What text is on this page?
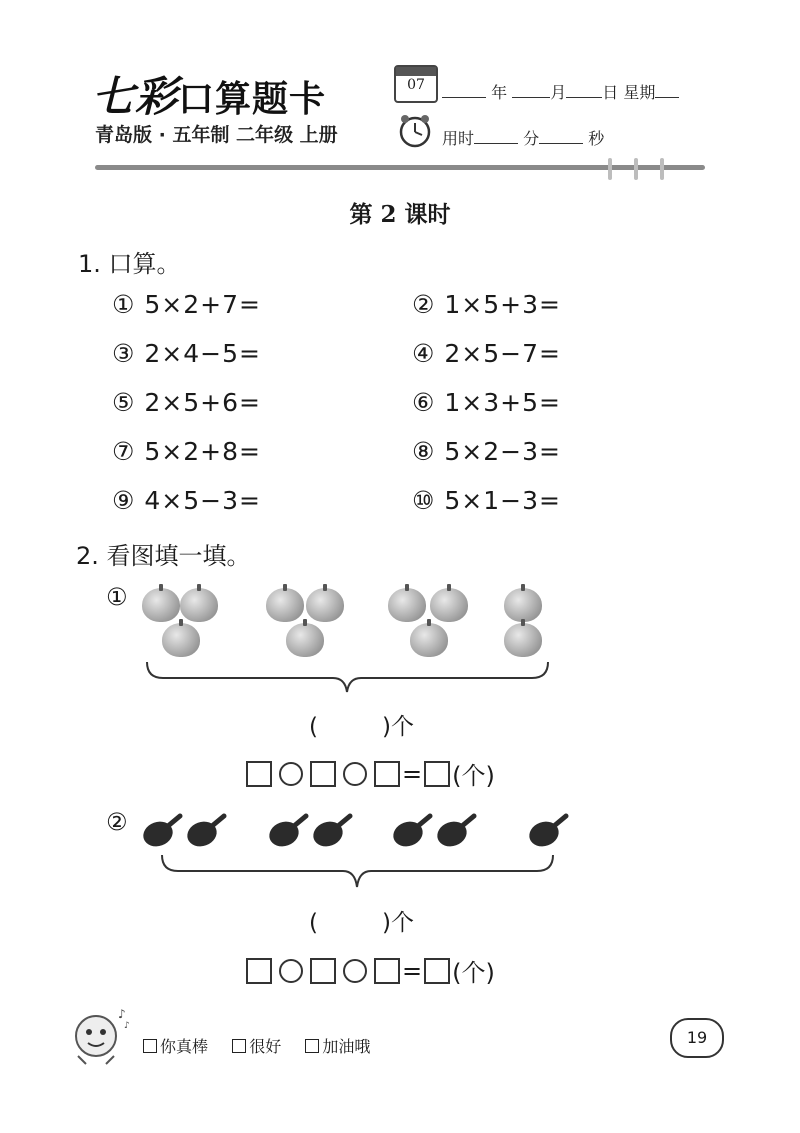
七彩口算题卡
青岛版 · 五年制 二年级 上册
07	年	月 日 星期
用时	分	秒
第 2 课时
1. 口算。
① 5×2+7=	② 1×5+3=
③ 2×4−5=	④ 2×5−7=
⑤ 2×5+6=	⑥ 1×3+5=
⑦ 5×2+8=	⑧ 5×2−3=
⑨ 4×5−3=	⑩ 5×1−3=
2. 看图填一填。
①
(	)个
= (个)
②
(	)个
= (个)
♪
♪
你真棒	很好	加油哦	19
